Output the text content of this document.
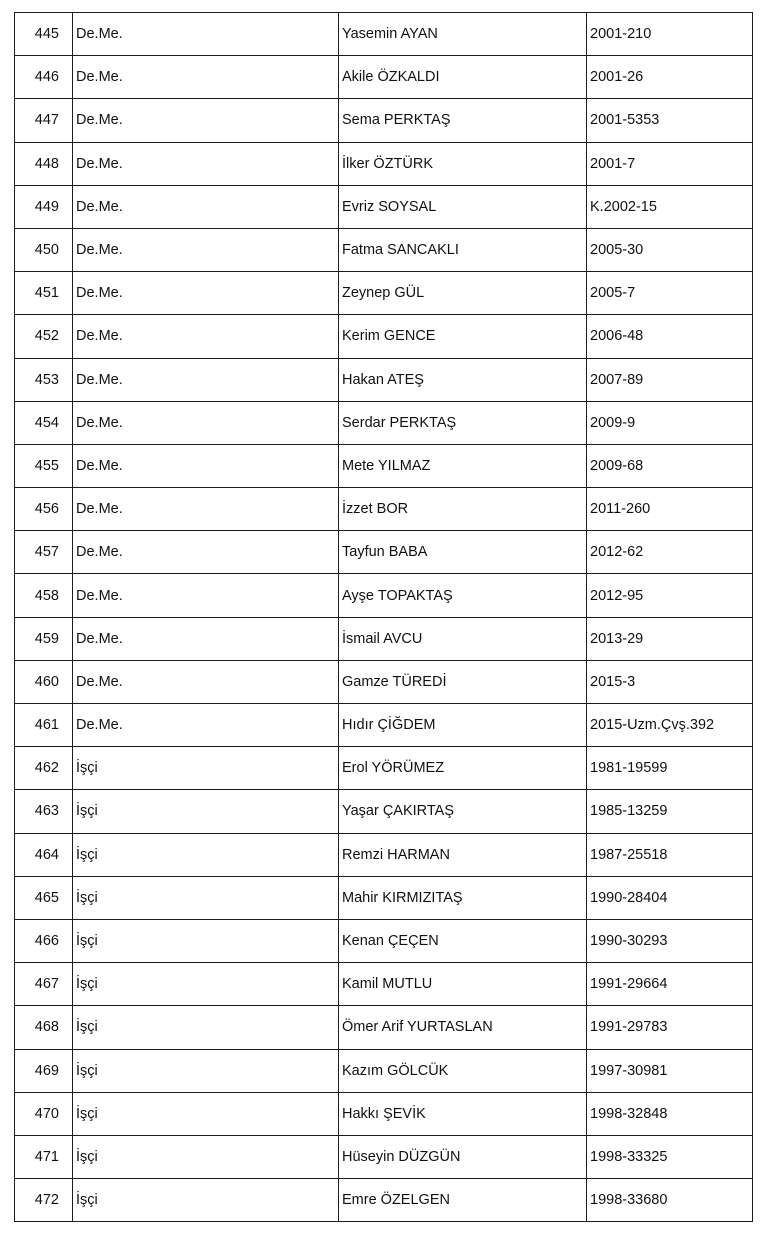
445	De.Me.	Yasemin AYAN	2001-210
446	De.Me.	Akile ÖZKALDI	2001-26
447	De.Me.	Sema PERKTAŞ	2001-5353
448	De.Me.	İlker ÖZTÜRK	2001-7
449	De.Me.	Evriz SOYSAL	K.2002-15
450	De.Me.	Fatma SANCAKLI	2005-30
451	De.Me.	Zeynep GÜL	2005-7
452	De.Me.	Kerim GENCE	2006-48
453	De.Me.	Hakan ATEŞ	2007-89
454	De.Me.	Serdar PERKTAŞ	2009-9
455	De.Me.	Mete YILMAZ	2009-68
456	De.Me.	İzzet BOR	2011-260
457	De.Me.	Tayfun BABA	2012-62
458	De.Me.	Ayşe TOPAKTAŞ	2012-95
459	De.Me.	İsmail AVCU	2013-29
460	De.Me.	Gamze TÜREDİ	2015-3
461	De.Me.	Hıdır ÇİĞDEM	2015-Uzm.Çvş.392
462	İşçi	Erol YÖRÜMEZ	1981-19599
463	İşçi	Yaşar ÇAKIRTAŞ	1985-13259
464	İşçi	Remzi HARMAN	1987-25518
465	İşçi	Mahir KIRMIZITAŞ	1990-28404
466	İşçi	Kenan ÇEÇEN	1990-30293
467	İşçi	Kamil MUTLU	1991-29664
468	İşçi	Ömer Arif YURTASLAN	1991-29783
469	İşçi	Kazım GÖLCÜK	1997-30981
470	İşçi	Hakkı ŞEVİK	1998-32848
471	İşçi	Hüseyin DÜZGÜN	1998-33325
472	İşçi	Emre ÖZELGEN	1998-33680
